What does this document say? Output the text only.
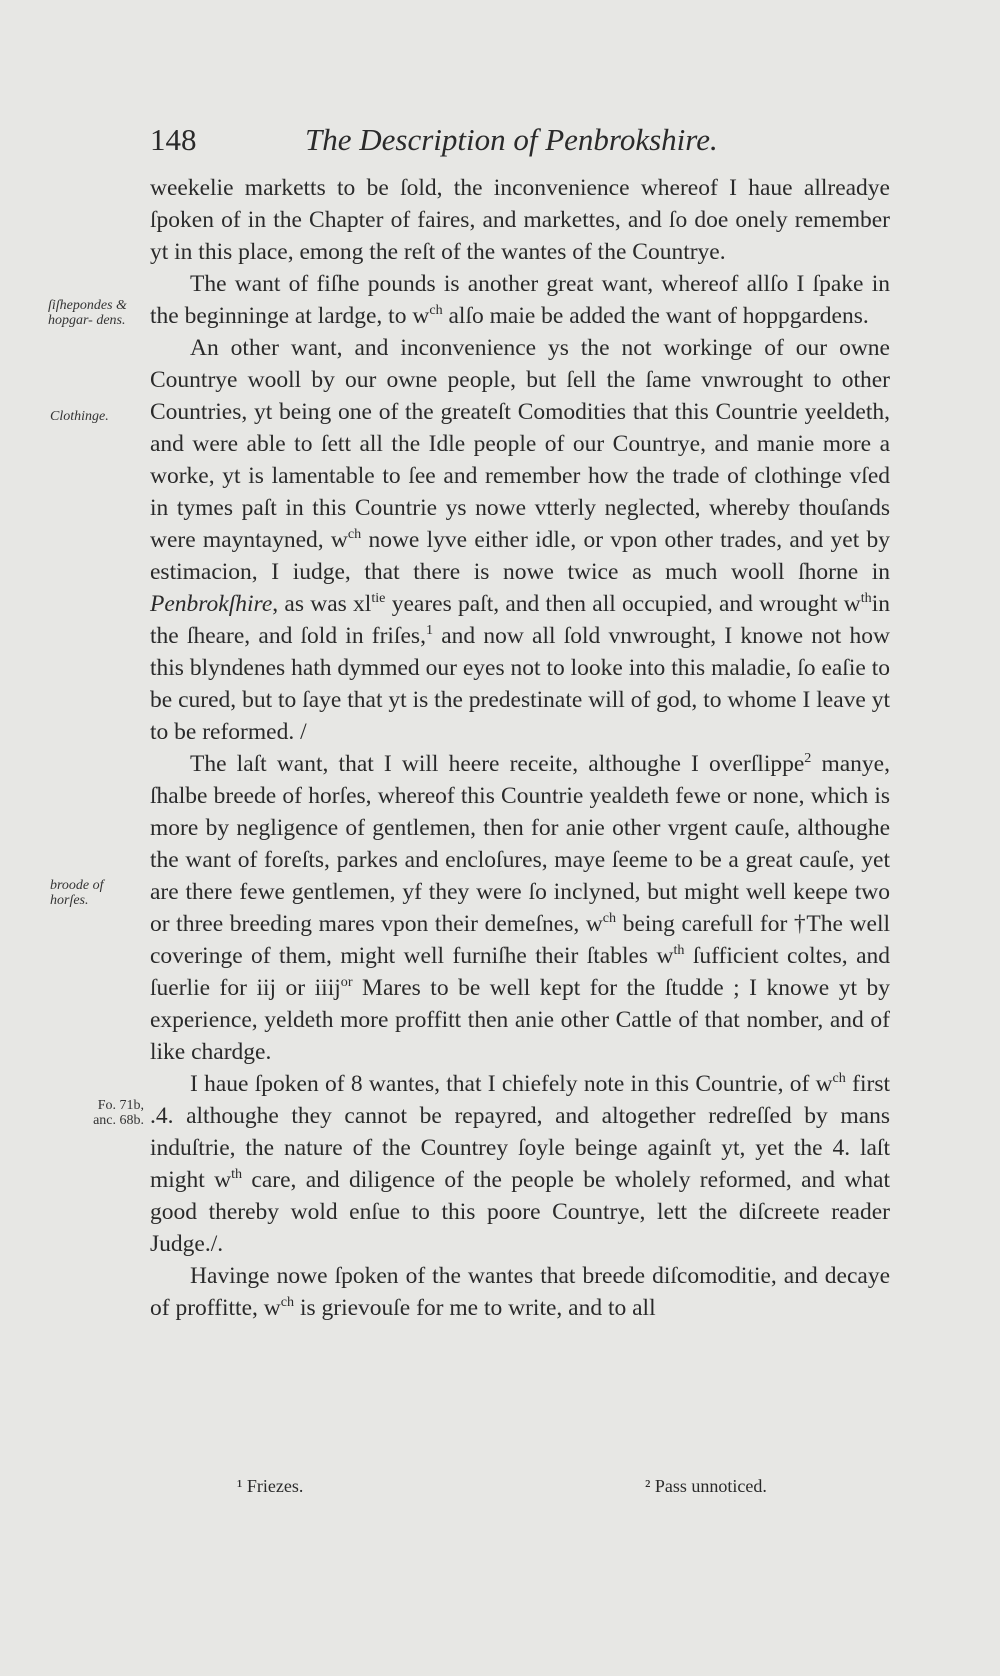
148	The Description of Penbrokshire.
ſiſhepondes & hopgar- dens.
Clothinge.
broode of horſes.
Fo. 71b,
anc. 68b.

weekelie marketts to be ſold, the inconvenience whereof I haue allreadye ſpoken of in the Chapter of faires, and markettes, and ſo doe onely remember yt in this place, emong the reſt of the wantes of the Countrye.

The want of fiſhe pounds is another great want, whereof allſo I ſpake in the beginninge at lardge, to $w^{ch}$ alſo maie be added the want of hoppgardens.

An other want, and inconvenience ys the not workinge of our owne Countrye wooll by our owne people, but ſell the ſame vnwrought to other Countries, yt being one of the greateſt Comodities that this Countrie yeeldeth, and were able to ſett all the Idle people of our Countrye, and manie more a worke, yt is lamentable to ſee and remember how the trade of clothinge vſed in tymes paſt in this Countrie ys nowe vtterly neglected, whereby thouſands were mayntayned, $w^{ch}$ nowe lyve either idle, or vpon other trades, and yet by estimacion, I iudge, that there is nowe twice as much wooll ſhorne in Penbrokſhire, as was $xl^{tie}$ yeares paſt, and then all occupied, and wrought $w^{th}in$ the ſheare, and ſold in friſes,$^1$ and now all ſold vnwrought, I knowe not how this blyndenes hath dymmed our eyes not to looke into this maladie, ſo eaſie to be cured, but to ſaye that yt is the predestinate will of god, to whome I leave yt to be reformed. /

The laſt want, that I will heere receite, althoughe I overſlippe$^2$ manye, ſhalbe breede of horſes, whereof this Countrie yealdeth fewe or none, which is more by negligence of gentlemen, then for anie other vrgent cauſe, althoughe the want of foreſts, parkes and encloſures, maye ſeeme to be a great cauſe, yet are there fewe gentlemen, yf they were ſo inclyned, but might well keepe two or three breeding mares vpon their demeſnes, $w^{ch}$ being carefull for †The well coveringe of them, might well furniſhe their ſtables $w^{th}$ ſufficient coltes, and ſuerlie for iij or iiij$^{or}$ Mares to be well kept for the ſtudde ; I knowe yt by experience, yeldeth more proffitt then anie other Cattle of that nomber, and of like chardge.

I haue ſpoken of 8 wantes, that I chiefely note in this Countrie, of $w^{ch}$ first .4. althoughe they cannot be repayred, and altogether redreſſed by mans induſtrie, the nature of the Countrey ſoyle beinge againſt yt, yet the 4. laſt might $w^{th}$ care, and diligence of the people be wholely reformed, and what good thereby wold enſue to this poore Countrye, lett the diſcreete reader Judge./.

Havinge nowe ſpoken of the wantes that breede diſcomoditie, and decaye of proffitte, $w^{ch}$ is grievouſe for me to write, and to all

¹ Friezes.	² Pass unnoticed.
